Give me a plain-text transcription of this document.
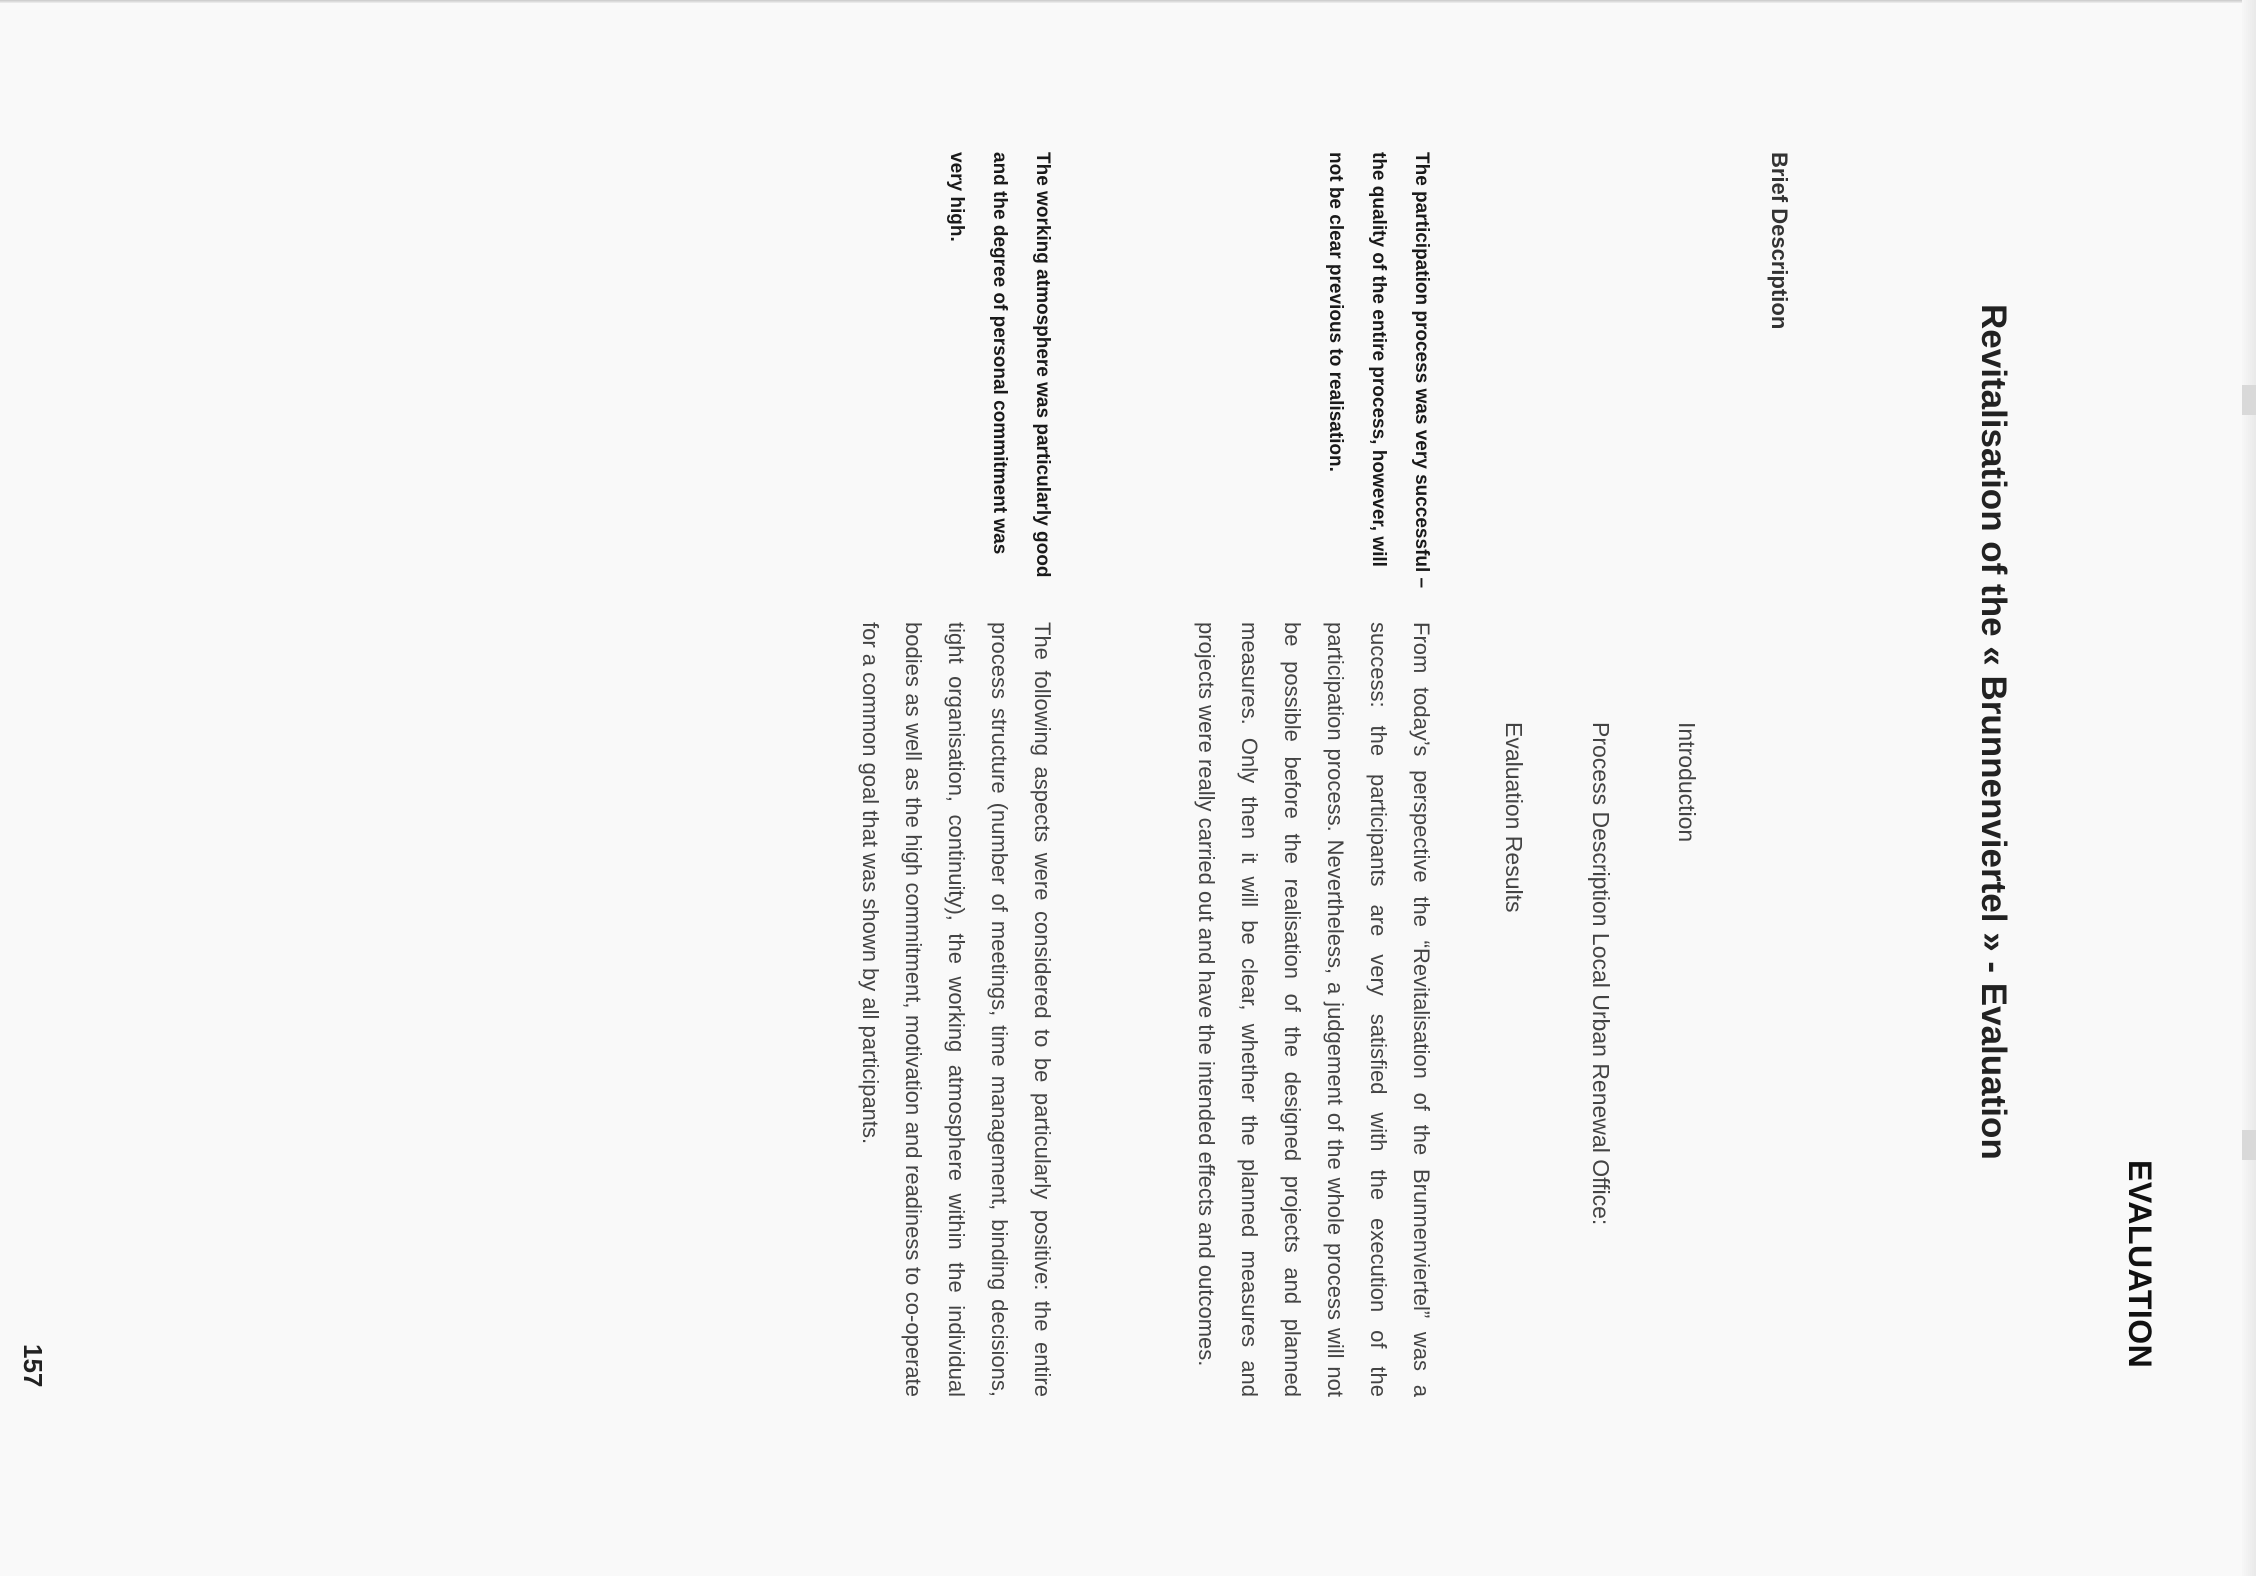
EVALUATION
Revitalisation of the « Brunnenviertel » - Evaluation
Brief Description
Introduction
Process Description Local Urban Renewal Office:
Evaluation Results
The participation process was very successful – the quality of the entire process, however, will not be clear previous to realisation.
From today’s perspective the “Revitalisation of the Brunnenviertel” was a success: the participants are very satisfied with the execution of the participation process. Nevertheless, a judgement of the whole process will not be possible before the realisation of the designed projects and planned measures. Only then it will be clear, whether the planned measures and projects were really carried out and have the intended effects and outcomes.
The working atmosphere was particularly good and the degree of personal commitment was very high.
The following aspects were considered to be particularly positive: the entire process structure (number of meetings, time management, binding decisions, tight organisation, continuity), the working atmosphere within the individual bodies as well as the high commitment, motivation and readiness to co-operate for a common goal that was shown by all participants.
157
